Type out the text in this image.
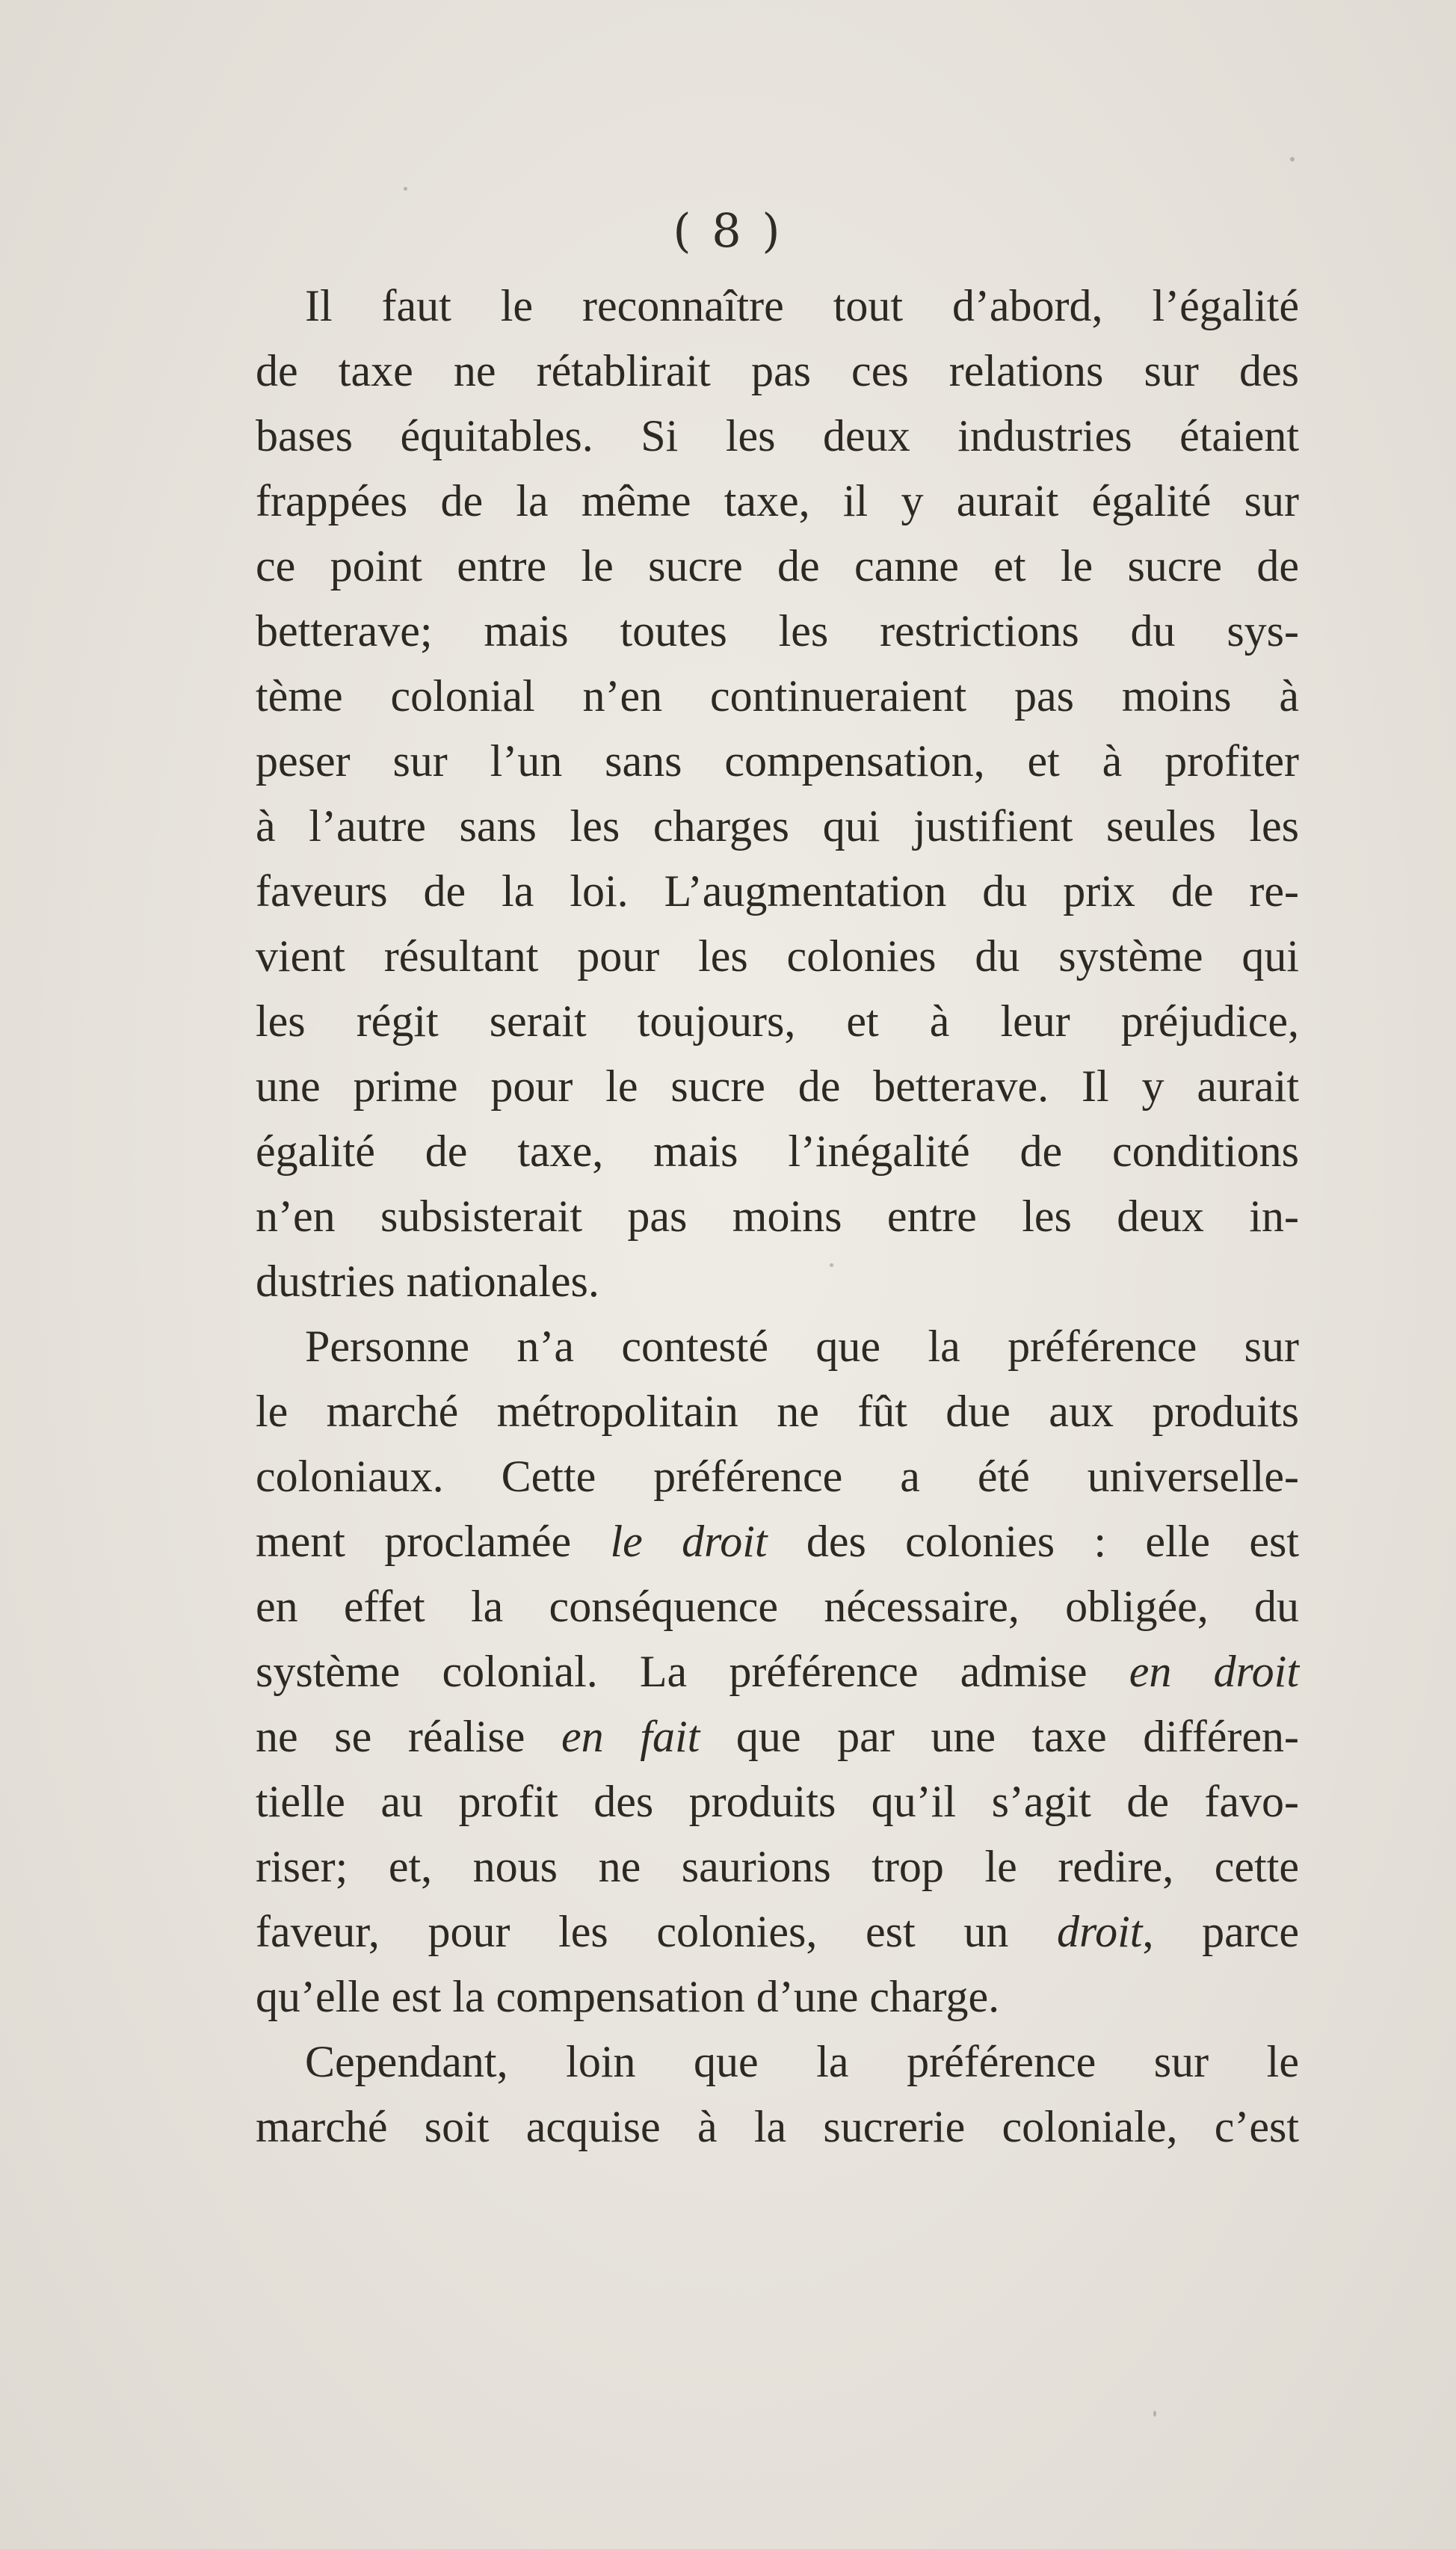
( 8 )
Il faut le reconnaître tout d’abord, l’égalité
de taxe ne rétablirait pas ces relations sur des
bases équitables. Si les deux industries étaient
frappées de la même taxe, il y aurait égalité sur
ce point entre le sucre de canne et le sucre de
betterave; mais toutes les restrictions du sys-
tème colonial n’en continueraient pas moins à
peser sur l’un sans compensation, et à profiter
à l’autre sans les charges qui justifient seules les
faveurs de la loi. L’augmentation du prix de re-
vient résultant pour les colonies du système qui
les régit serait toujours, et à leur préjudice,
une prime pour le sucre de betterave. Il y aurait
égalité de taxe, mais l’inégalité de conditions
n’en subsisterait pas moins entre les deux in-
dustries nationales.
Personne n’a contesté que la préférence sur
le marché métropolitain ne fût due aux produits
coloniaux. Cette préférence a été universelle-
ment proclamée le droit des colonies : elle est
en effet la conséquence nécessaire, obligée, du
système colonial. La préférence admise en droit
ne se réalise en fait que par une taxe différen-
tielle au profit des produits qu’il s’agit de favo-
riser; et, nous ne saurions trop le redire, cette
faveur, pour les colonies, est un droit, parce
qu’elle est la compensation d’une charge.
Cependant, loin que la préférence sur le
marché soit acquise à la sucrerie coloniale, c’est
